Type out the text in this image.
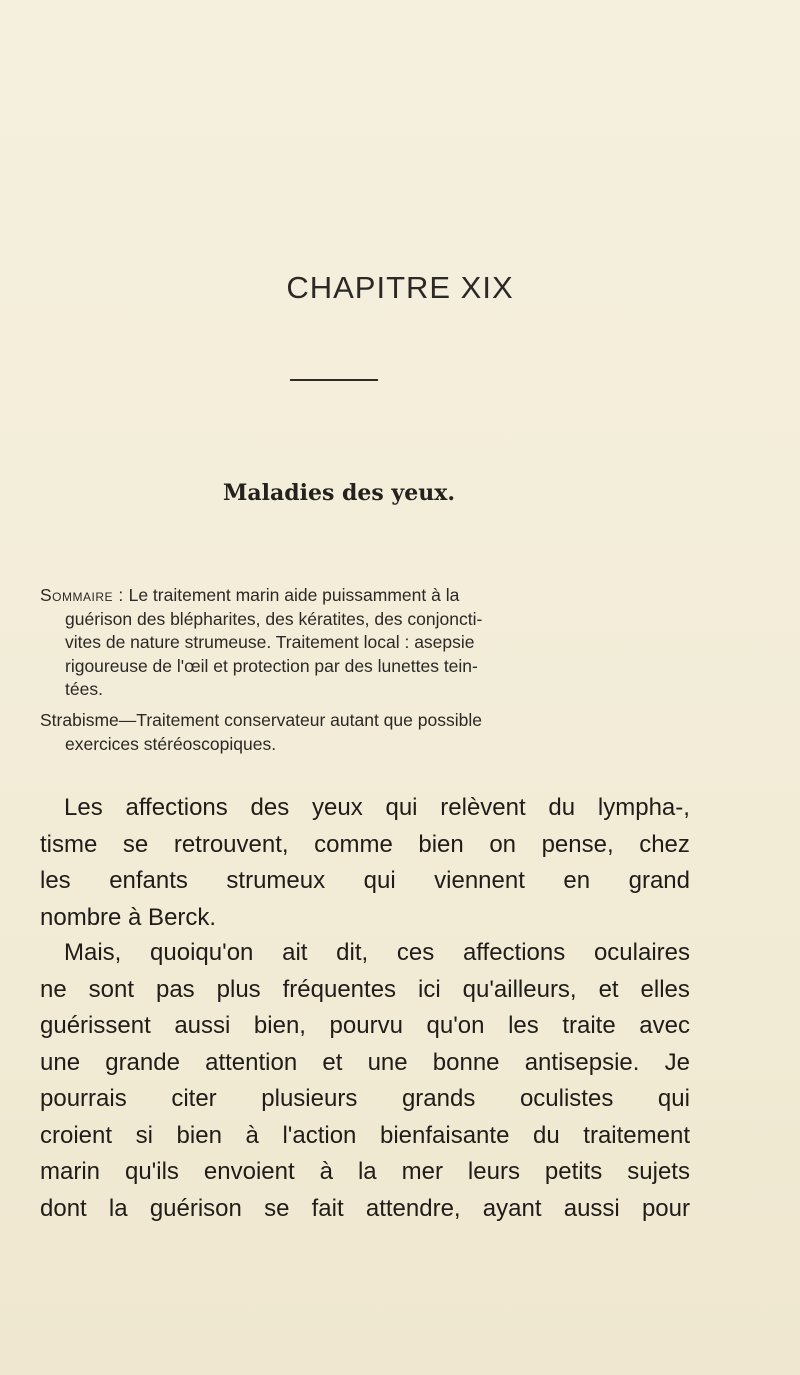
CHAPITRE XIX
Maladies des yeux.
Sommaire : Le traitement marin aide puissamment à la
guérison des blépharites, des kératites, des conjoncti-
vites de nature strumeuse. Traitement local : asepsie
rigoureuse de l'œil et protection par des lunettes tein-
tées.
Strabisme—Traitement conservateur autant que possible
exercices stéréoscopiques.
Les affections des yeux qui relèvent du lympha-,
tisme se retrouvent, comme bien on pense, chez
les enfants strumeux qui viennent en grand
nombre à Berck.
Mais, quoiqu'on ait dit, ces affections oculaires
ne sont pas plus fréquentes ici qu'ailleurs, et elles
guérissent aussi bien, pourvu qu'on les traite avec
une grande attention et une bonne antisepsie. Je
pourrais citer plusieurs grands oculistes qui
croient si bien à l'action bienfaisante du traitement
marin qu'ils envoient à la mer leurs petits sujets
dont la guérison se fait attendre, ayant aussi pour
